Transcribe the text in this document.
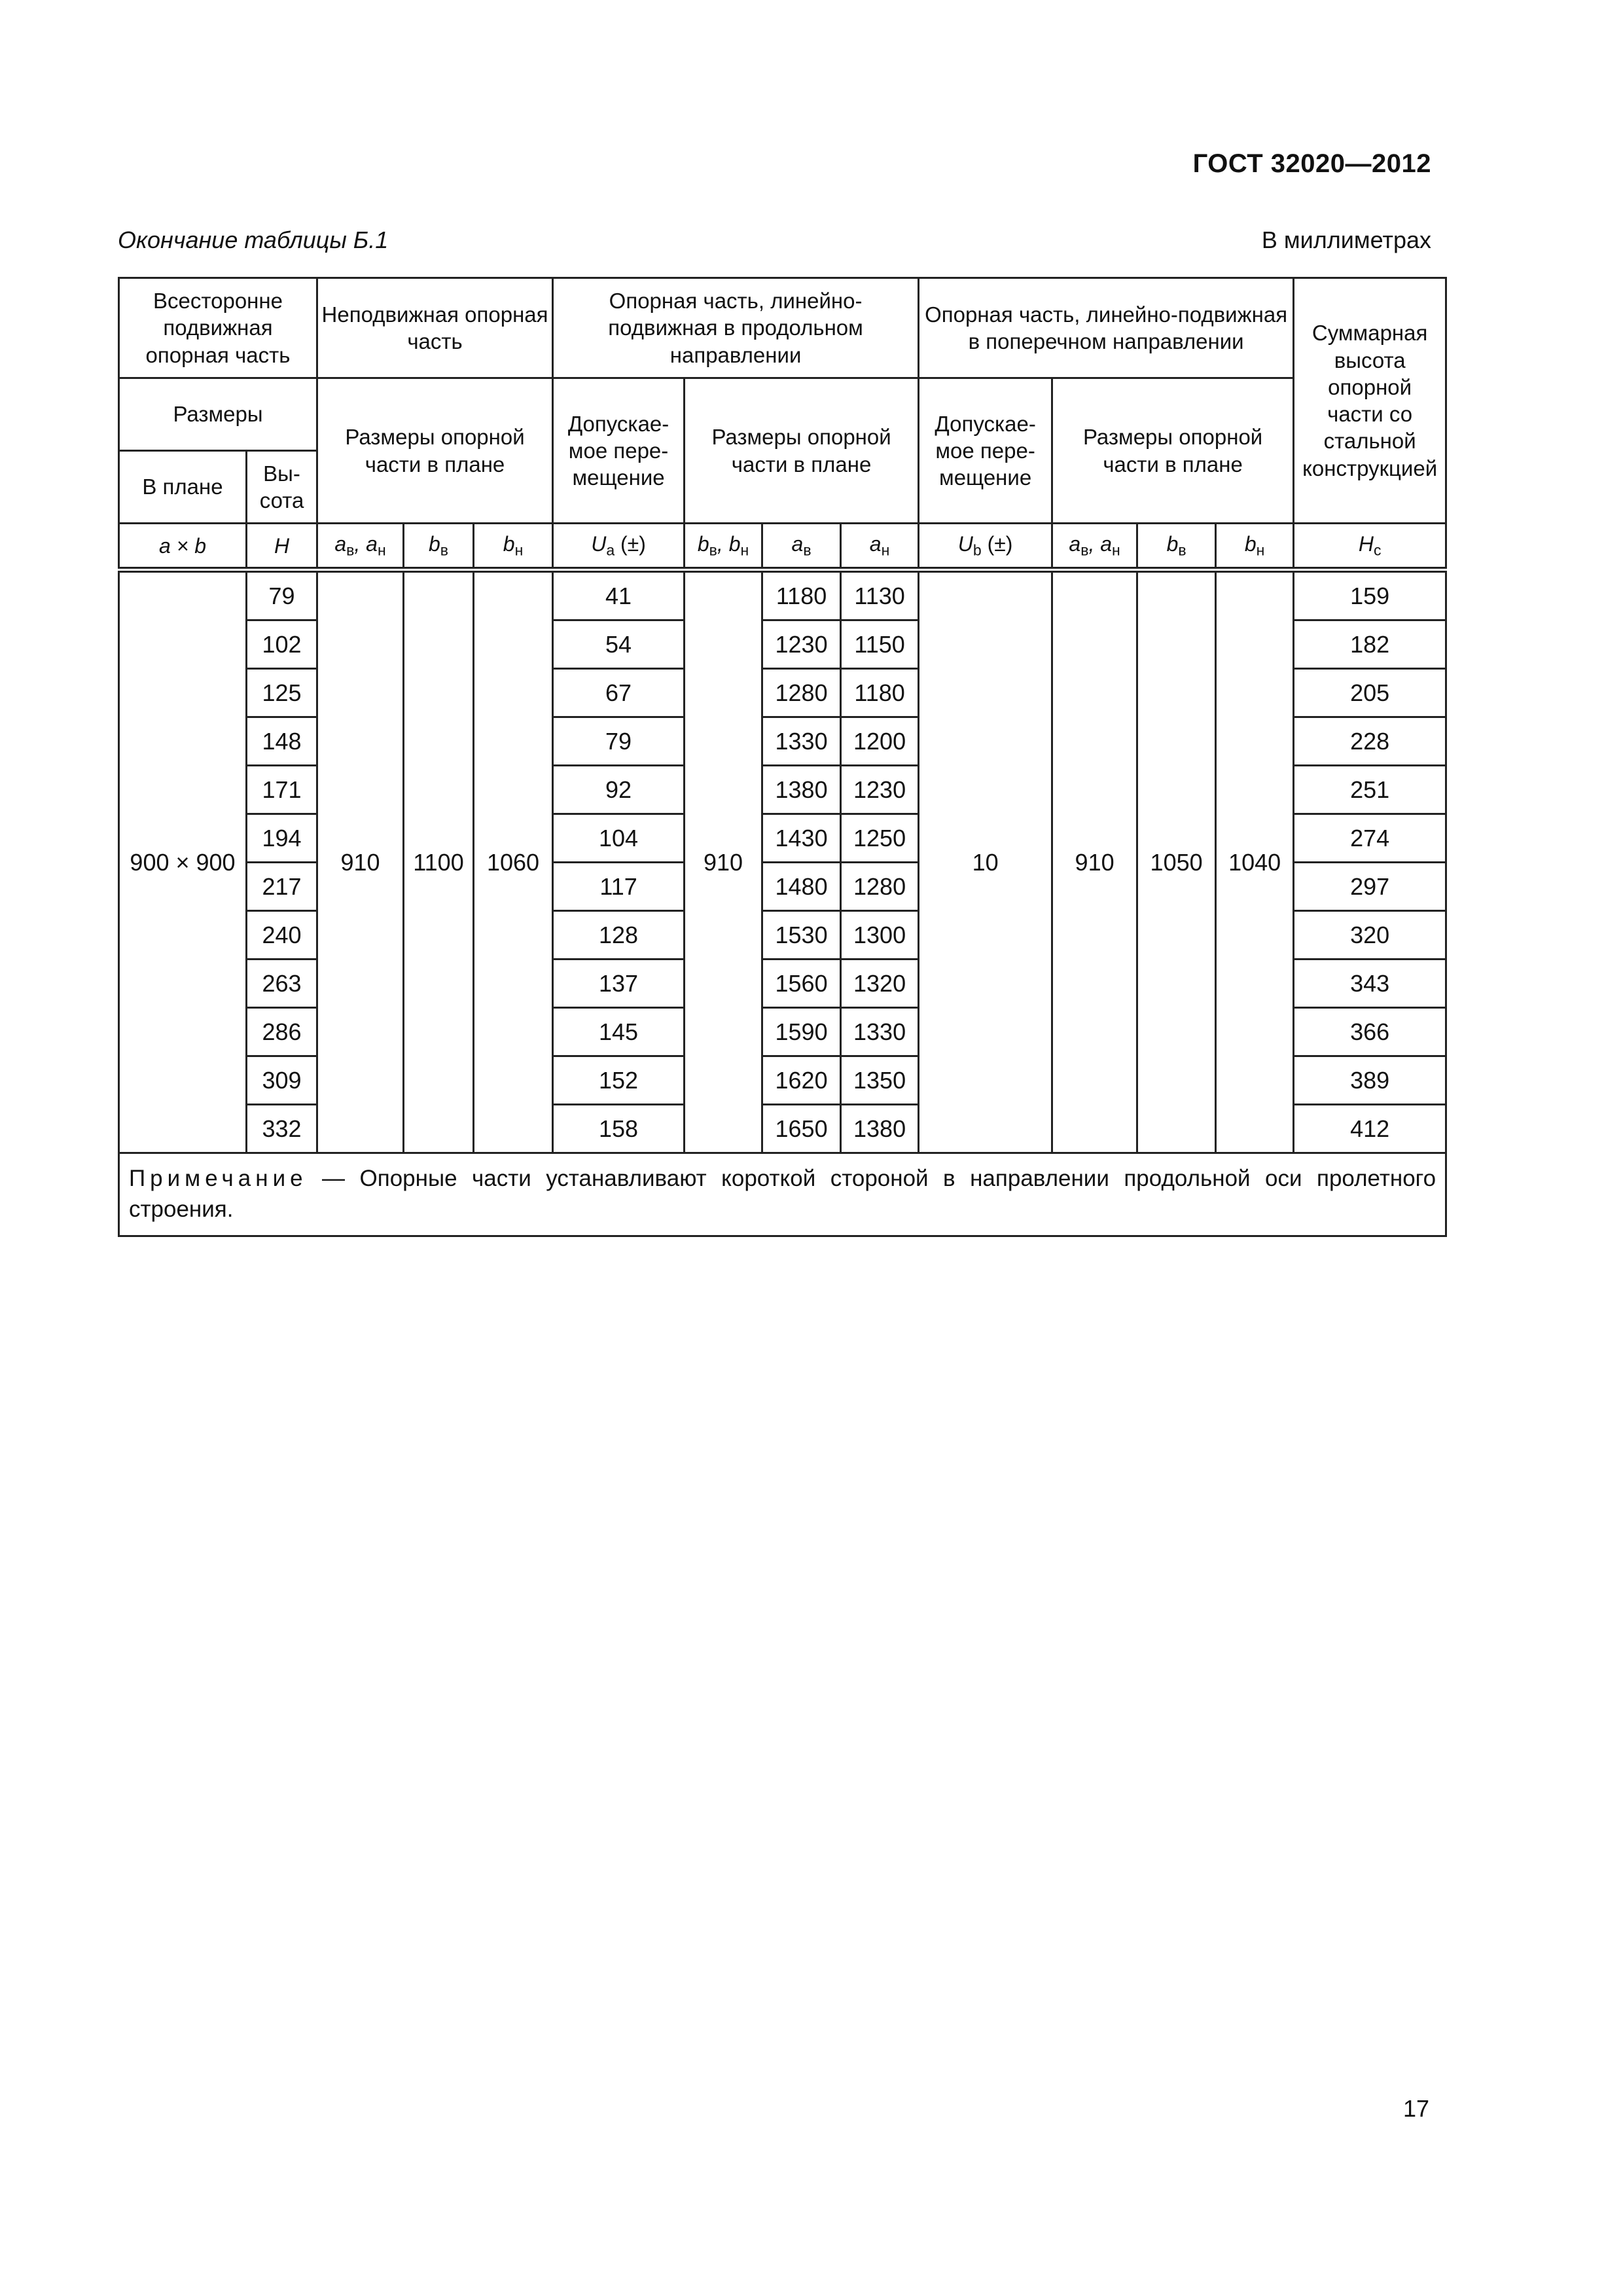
ГОСТ 32020—2012
Окончание таблицы Б.1	В миллиметрах
Всесторонне подвижная опорная часть		Неподвижная опорная часть			Опорная часть, линейно-подвижная в продольном направлении				Опорная часть, линейно-подвижная в поперечном направлении				Суммарная высота опорной части со стальной конструкцией
Размеры		Размеры опорной части в плане			Допускае-мое пере-мещение	Размеры опорной части в плане			Допускае-мое пере-мещение	Размеры опорной части в плане			
В плане	Вы-сота												
a × b	H	$a_в$, $a_н$	$b_в$	$b_н$	$U_a$ (±)	$b_в$, $b_н$	$a_в$	$a_н$	$U_b$ (±)	$a_в$, $a_н$	$b_в$	$b_н$	$H_c$
900 × 900	79	910	1100	1060	41	910	1180	1130	10	910	1050	1040	159
	102				54		1230	1150					182
	125				67		1280	1180					205
	148				79		1330	1200					228
	171				92		1380	1230					251
	194				104		1430	1250					274
	217				117		1480	1280					297
	240				128		1530	1300					320
	263				137		1560	1320					343
	286				145		1590	1330					366
	309				152		1620	1350					389
	332				158		1650	1380					412
Примечание — Опорные части устанавливают короткой стороной в направлении продольной оси пролетного строения.													
17
